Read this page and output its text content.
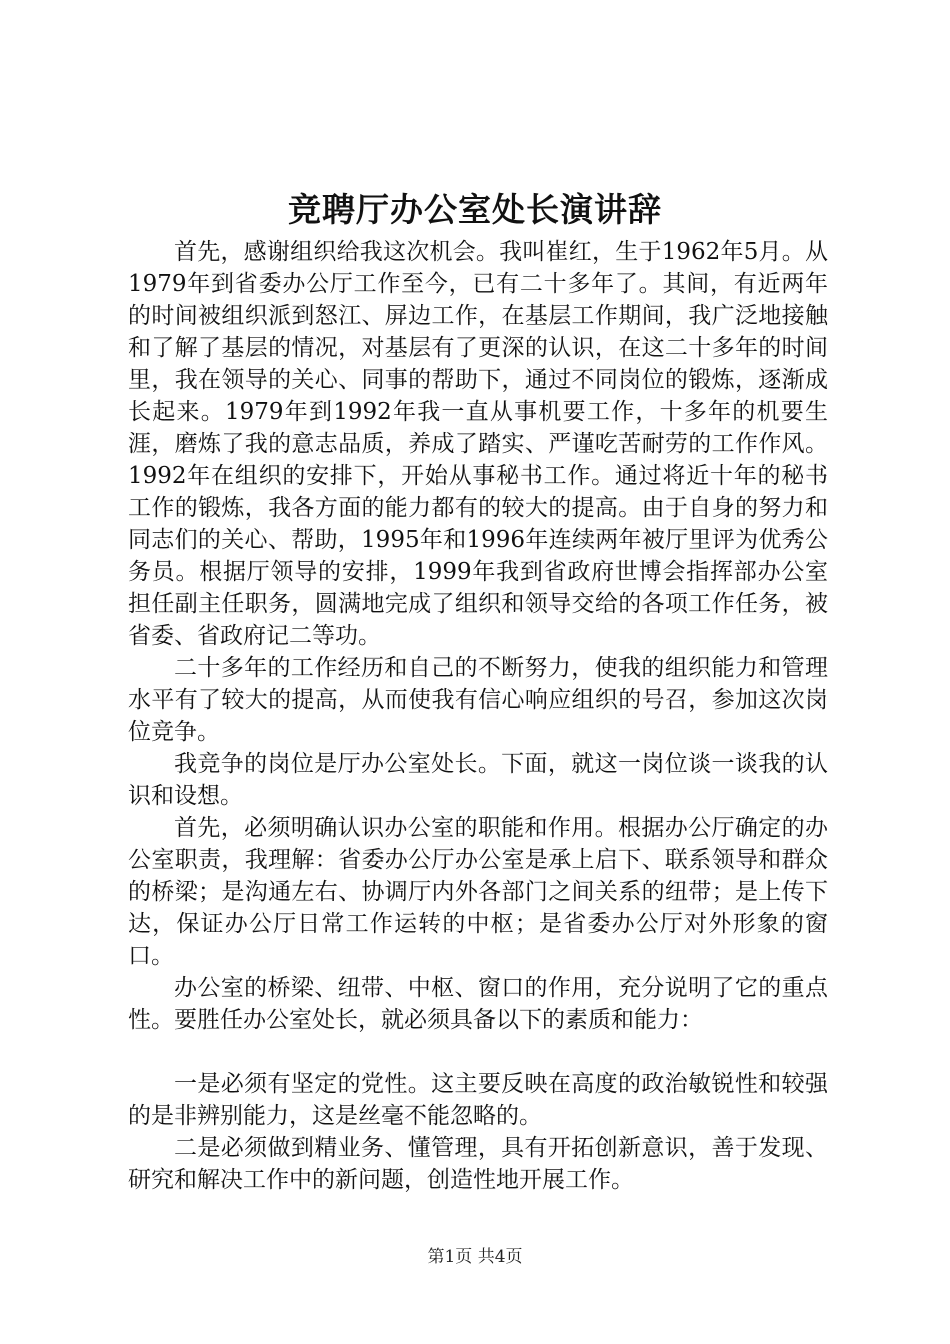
竞聘厅办公室处长演讲辞

首先，感谢组织给我这次机会。我叫崔红，生于1962年5月。从1979年到省委办公厅工作至今，已有二十多年了。其间，有近两年的时间被组织派到怒江、屏边工作，在基层工作期间，我广泛地接触和了解了基层的情况，对基层有了更深的认识，在这二十多年的时间里，我在领导的关心、同事的帮助下，通过不同岗位的锻炼，逐渐成长起来。1979年到1992年我一直从事机要工作，十多年的机要生涯，磨炼了我的意志品质，养成了踏实、严谨吃苦耐劳的工作作风。1992年在组织的安排下，开始从事秘书工作。通过将近十年的秘书工作的锻炼，我各方面的能力都有的较大的提高。由于自身的努力和同志们的关心、帮助，1995年和1996年连续两年被厅里评为优秀公务员。根据厅领导的安排，1999年我到省政府世博会指挥部办公室担任副主任职务，圆满地完成了组织和领导交给的各项工作任务，被省委、省政府记二等功。

二十多年的工作经历和自己的不断努力，使我的组织能力和管理水平有了较大的提高，从而使我有信心响应组织的号召，参加这次岗位竞争。

我竞争的岗位是厅办公室处长。下面，就这一岗位谈一谈我的认识和设想。

首先，必须明确认识办公室的职能和作用。根据办公厅确定的办公室职责，我理解：省委办公厅办公室是承上启下、联系领导和群众的桥梁；是沟通左右、协调厅内外各部门之间关系的纽带；是上传下达，保证办公厅日常工作运转的中枢；是省委办公厅对外形象的窗口。

办公室的桥梁、纽带、中枢、窗口的作用，充分说明了它的重点性。要胜任办公室处长，就必须具备以下的素质和能力：

一是必须有坚定的党性。这主要反映在高度的政治敏锐性和较强的是非辨别能力，这是丝毫不能忽略的。

二是必须做到精业务、懂管理，具有开拓创新意识，善于发现、研究和解决工作中的新问题，创造性地开展工作。

第1页 共4页
